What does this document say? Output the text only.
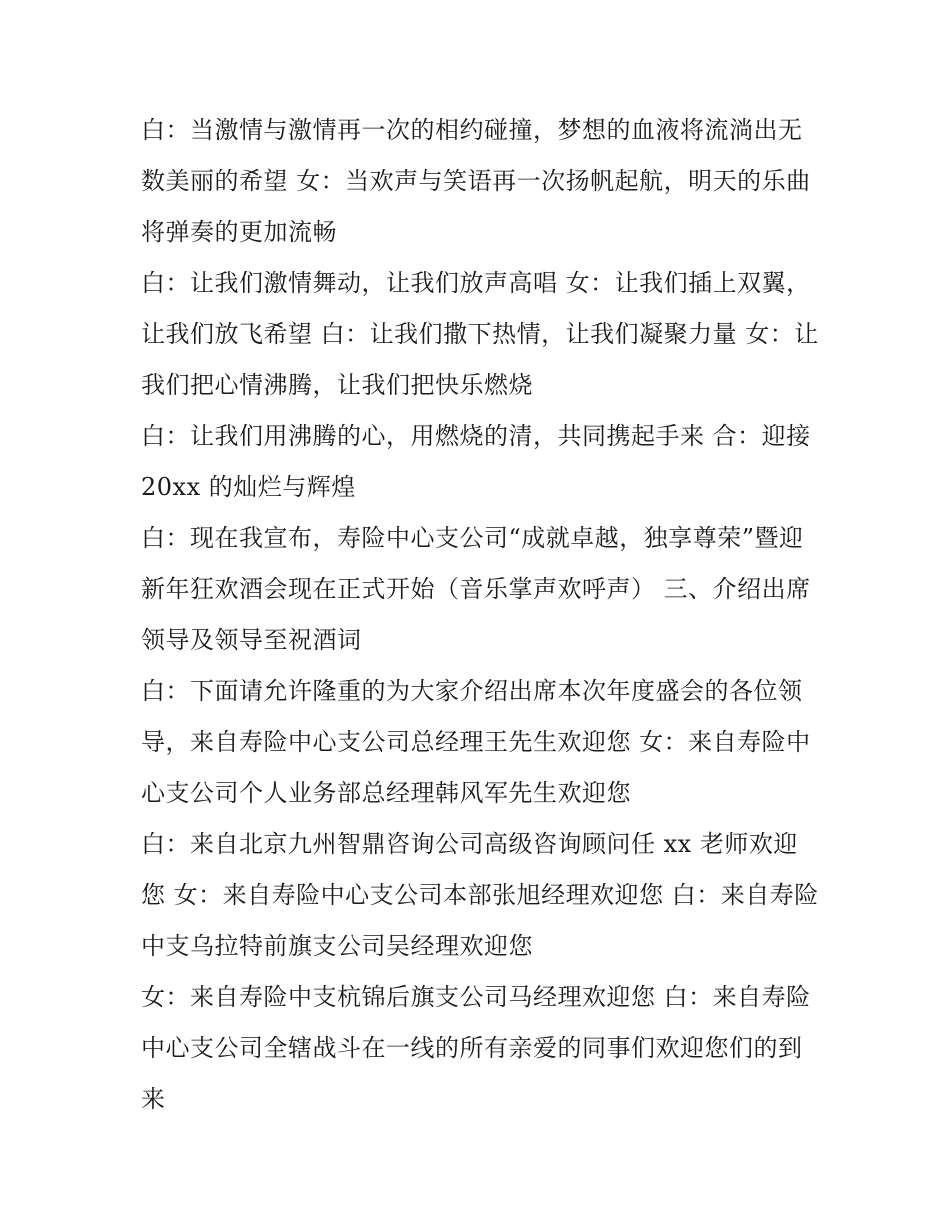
白：当激情与激情再一次的相约碰撞，梦想的血液将流淌出无数美丽的希望 女：当欢声与笑语再一次扬帆起航，明天的乐曲将弹奏的更加流畅

白：让我们激情舞动，让我们放声高唱 女：让我们插上双翼，让我们放飞希望 白：让我们撒下热情，让我们凝聚力量 女：让我们把心情沸腾，让我们把快乐燃烧

白：让我们用沸腾的心，用燃烧的清，共同携起手来 合：迎接 20xx 的灿烂与辉煌

白：现在我宣布，寿险中心支公司“成就卓越，独享尊荣”暨迎新年狂欢酒会现在正式开始（音乐掌声欢呼声） 三、介绍出席领导及领导至祝酒词

白：下面请允许隆重的为大家介绍出席本次年度盛会的各位领导，来自寿险中心支公司总经理王先生欢迎您 女：来自寿险中心支公司个人业务部总经理韩风军先生欢迎您

白：来自北京九州智鼎咨询公司高级咨询顾问任 xx 老师欢迎您 女：来自寿险中心支公司本部张旭经理欢迎您 白：来自寿险中支乌拉特前旗支公司吴经理欢迎您

女：来自寿险中支杭锦后旗支公司马经理欢迎您 白：来自寿险中心支公司全辖战斗在一线的所有亲爱的同事们欢迎您们的到来
